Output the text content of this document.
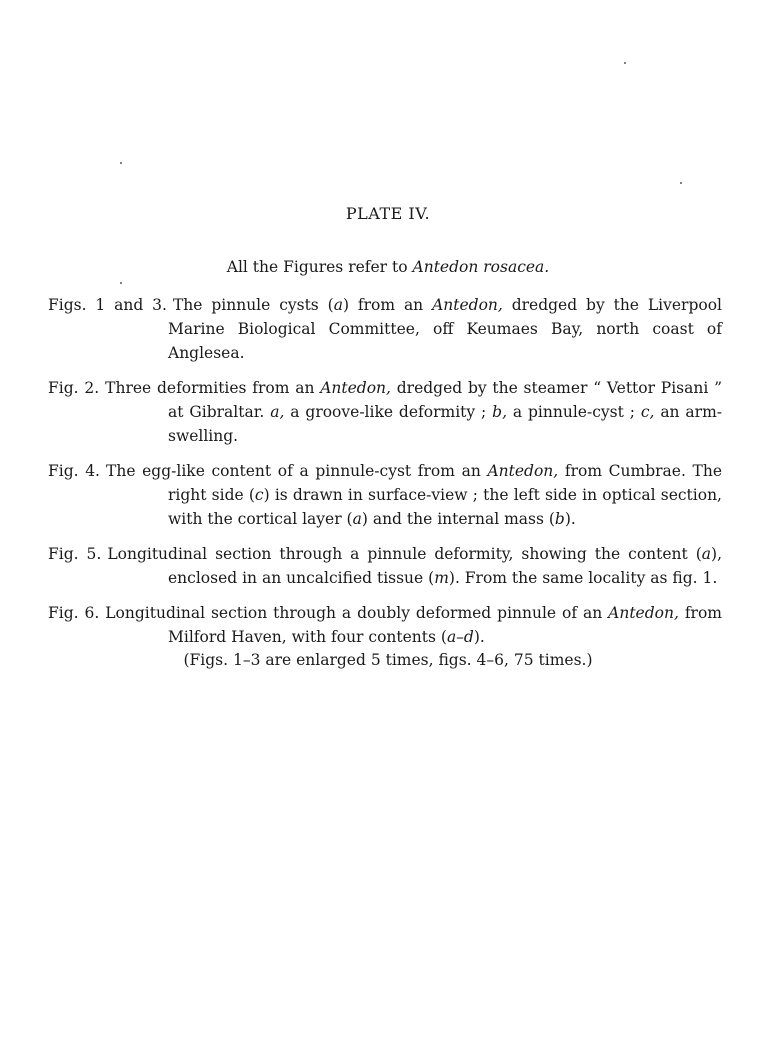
PLATE IV.
All the Figures refer to Antedon rosacea.

Figs. 1 and 3. The pinnule cysts (a) from an Antedon, dredged by the Liverpool Marine Biological Committee, off Keumaes Bay, north coast of Anglesea.

Fig. 2. Three deformities from an Antedon, dredged by the steamer “ Vettor Pisani ” at Gibraltar. a, a groove-like deformity ; b, a pinnule-cyst ; c, an arm-swelling.

Fig. 4. The egg-like content of a pinnule-cyst from an Antedon, from Cumbrae. The right side (c) is drawn in surface-view ; the left side in optical section, with the cortical layer (a) and the internal mass (b).

Fig. 5. Longitudinal section through a pinnule deformity, showing the content (a), enclosed in an uncalcified tissue (m). From the same locality as fig. 1.

Fig. 6. Longitudinal section through a doubly deformed pinnule of an Antedon, from Milford Haven, with four contents (a–d).

(Figs. 1–3 are enlarged 5 times, figs. 4–6, 75 times.)
